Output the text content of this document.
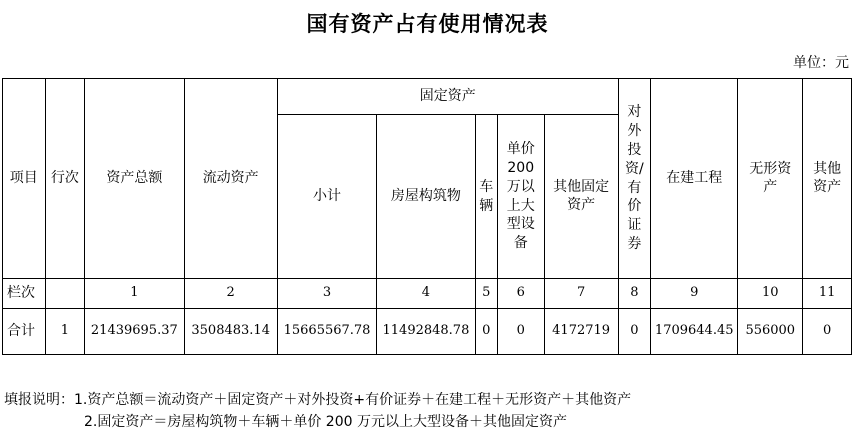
国有资产占有使用情况表
单位：元
项目	行次	资产总额	流动资产	固定资产					对外投资/有价证券	在建工程	无形资产	其他资产
				小计	房屋构筑物	车辆	单价200万以上大型设备	其他固定资产				
栏次		1	2	3	4	5	6	7	8	9	10	11
合计	1	21439695.37	3508483.14	15665567.78	11492848.78	0	0	4172719	0	1709644.45	556000	0
填报说明：1.资产总额＝流动资产＋固定资产＋对外投资+有价证券＋在建工程＋无形资产＋其他资产
2.固定资产＝房屋构筑物＋车辆＋单价 200 万元以上大型设备＋其他固定资产
